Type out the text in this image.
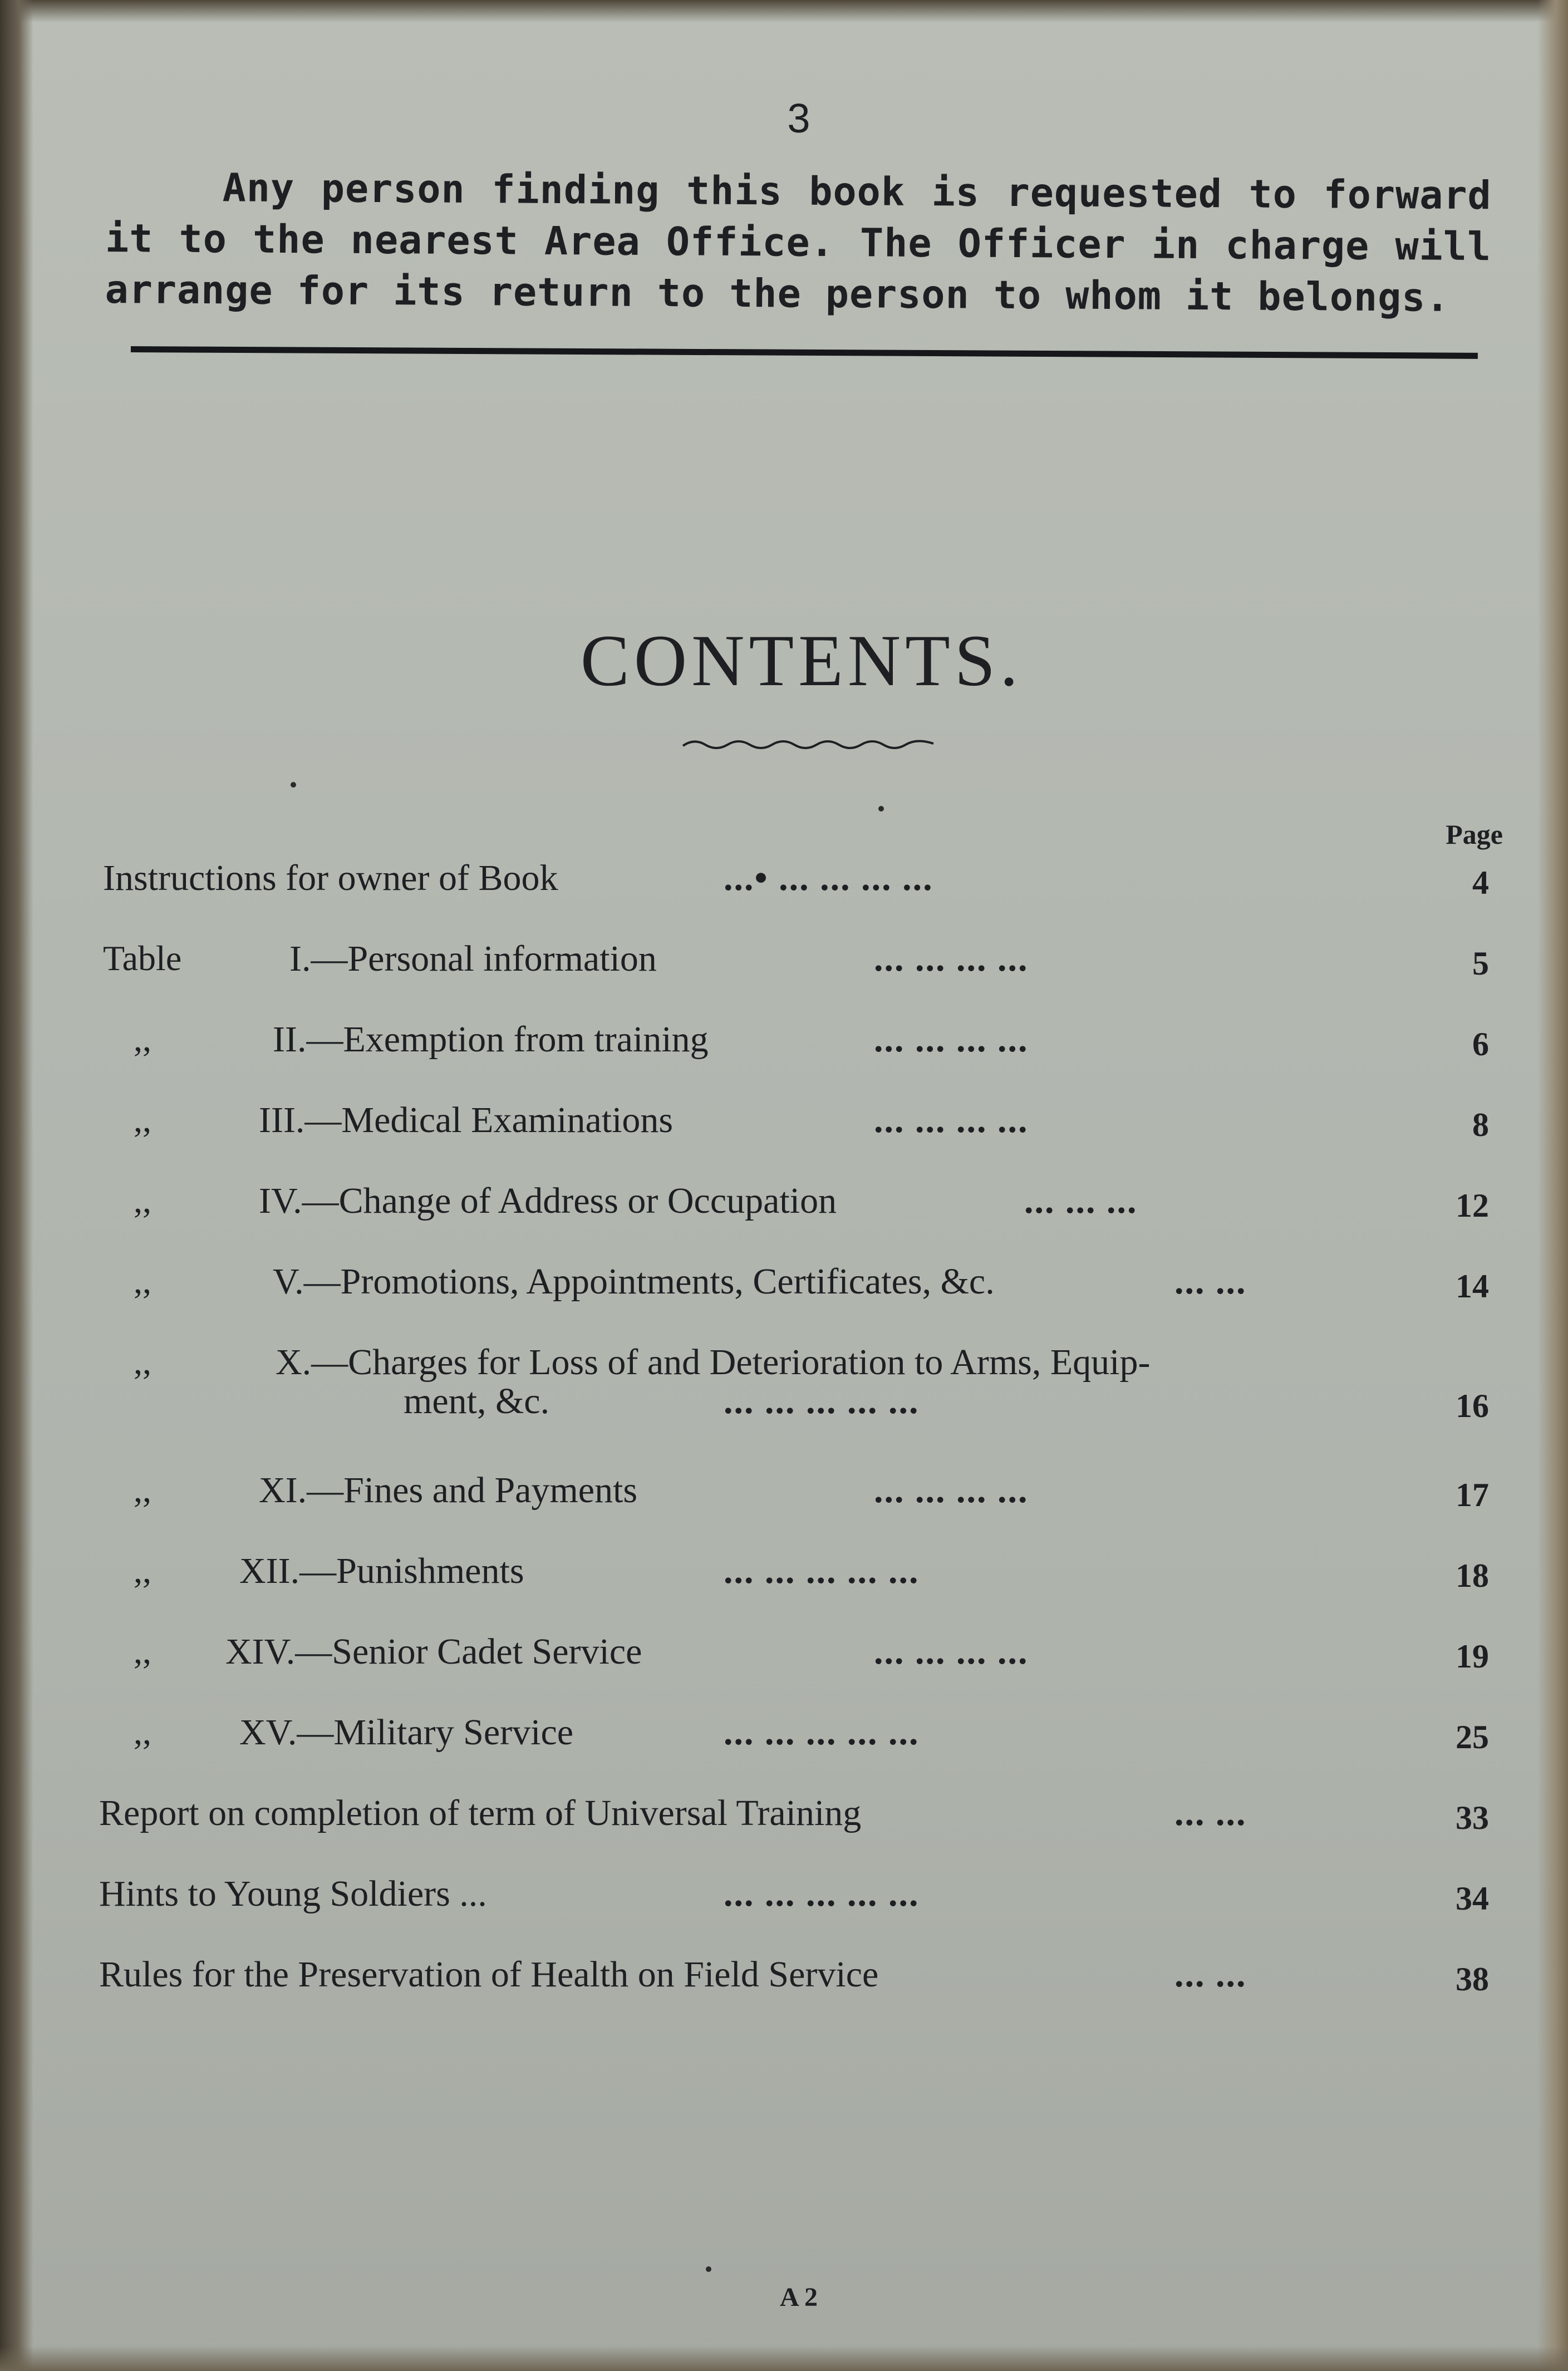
3
Any person finding this book is requested to forward it to the nearest Area Office. The Officer in charge will arrange for its return to the person to whom it belongs.
CONTENTS.
Page
Instructions for owner of Book	...• ... ... ... ...	4
Table	I.—Personal information	... ... ... ...	5
,,	II.—Exemption from training	... ... ... ...	6
,,	III.—Medical Examinations	... ... ... ...	8
,,	IV.—Change of Address or Occupation	... ... ...	12
,,	V.—Promotions, Appointments, Certificates, &c.	... ...	14
,,	X.—Charges for Loss of and Deterioration to Arms, Equip-
ment, &c.	... ... ... ... ...	16
,,	XI.—Fines and Payments	... ... ... ...	17
,, XII.—Punishments	... ... ... ... ...	18
,, XIV.—Senior Cadet Service	... ... ... ...	19
,, XV.—Military Service	... ... ... ... ...	25
Report on completion of term of Universal Training	... ...	33
Hints to Young Soldiers ...	... ... ... ... ...	34
Rules for the Preservation of Health on Field Service	... ...	38
A 2
